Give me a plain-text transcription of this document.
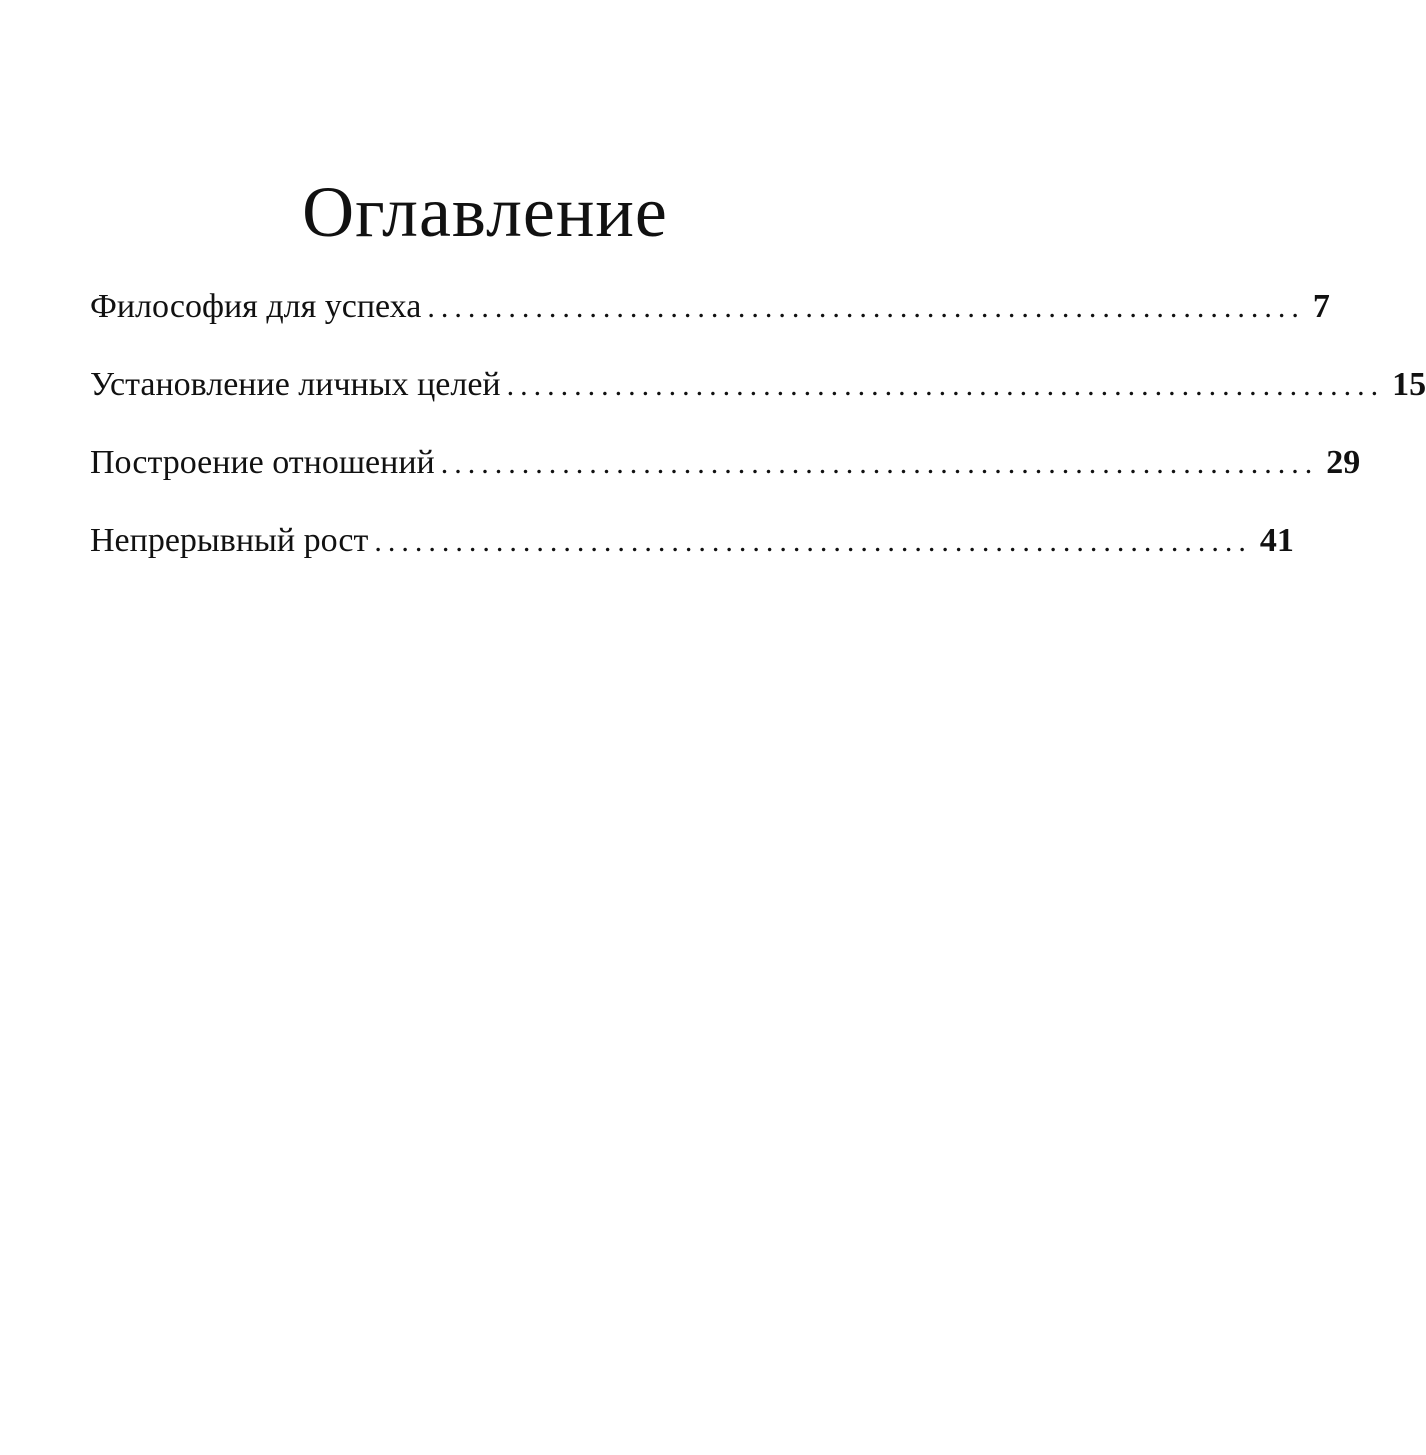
Оглавление
Философия для успеха ................................................................. 7
Установление личных целей ................................................................. 15
Построение отношений ................................................................. 29
Непрерывный рост ................................................................. 41
